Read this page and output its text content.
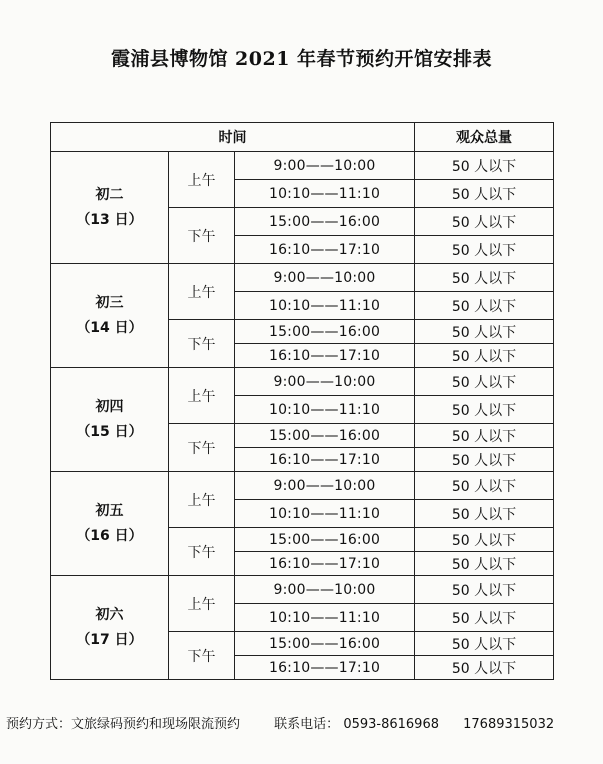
霞浦县博物馆 2021 年春节预约开馆安排表
时间			观众总量

初二
（13 日）	上午	9:00——10:00	50 人以下
		10:10——11:10	50 人以下
	下午	15:00——16:00	50 人以下
		16:10——17:10	50 人以下

初三
（14 日）	上午	9:00——10:00	50 人以下
		10:10——11:10	50 人以下
	下午	15:00——16:00	50 人以下
		16:10——17:10	50 人以下

初四
（15 日）	上午	9:00——10:00	50 人以下
		10:10——11:10	50 人以下
	下午	15:00——16:00	50 人以下
		16:10——17:10	50 人以下

初五
（16 日）	上午	9:00——10:00	50 人以下
		10:10——11:10	50 人以下
	下午	15:00——16:00	50 人以下
		16:10——17:10	50 人以下

初六
（17 日）	上午	9:00——10:00	50 人以下
		10:10——11:10	50 人以下
	下午	15:00——16:00	50 人以下
		16:10——17:10	50 人以下
预约方式：文旅绿码预约和现场限流预约	联系电话： 0593-8616968 17689315032
